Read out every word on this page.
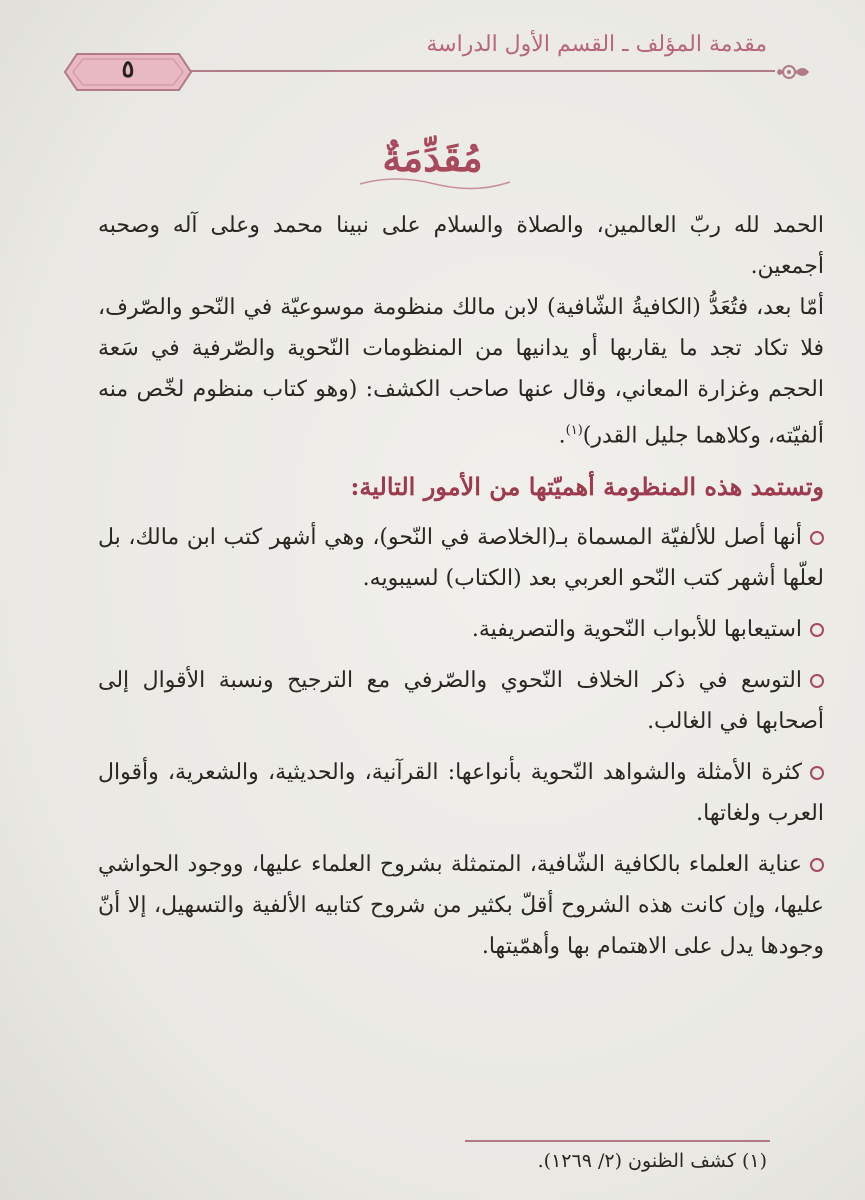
مقدمة المؤلف ـ القسم الأول الدراسة
٥
مُقَدِّمَةٌ

الحمد لله ربّ العالمين، والصلاة والسلام على نبينا محمد وعلى آله وصحبه أجمعين.

أمّا بعد، فتُعَدُّ (الكافيةُ الشّافية) لابن مالك منظومة موسوعيّة في النّحو والصّرف، فلا تكاد تجد ما يقاربها أو يدانيها من المنظومات النّحوية والصّرفية في سَعة الحجم وغزارة المعاني، وقال عنها صاحب الكشف: (وهو كتاب منظوم لخّص منه ألفيّته، وكلاهما جليل القدر)$^{(١)}$.

وتستمد هذه المنظومة أهميّتها من الأمور التالية:

أنها أصل للألفيّة المسماة بـ(الخلاصة في النّحو)، وهي أشهر كتب ابن مالك، بل لعلّها أشهر كتب النّحو العربي بعد (الكتاب) لسيبويه.

استيعابها للأبواب النّحوية والتصريفية.

التوسع في ذكر الخلاف النّحوي والصّرفي مع الترجيح ونسبة الأقوال إلى أصحابها في الغالب.

كثرة الأمثلة والشواهد النّحوية بأنواعها: القرآنية، والحديثية، والشعرية، وأقوال العرب ولغاتها.

عناية العلماء بالكافية الشّافية، المتمثلة بشروح العلماء عليها، ووجود الحواشي عليها، وإن كانت هذه الشروح أقلّ بكثير من شروح كتابيه الألفية والتسهيل، إلا أنّ وجودها يدل على الاهتمام بها وأهمّيتها.

(١) كشف الظنون (٢/ ١٢٦٩).
